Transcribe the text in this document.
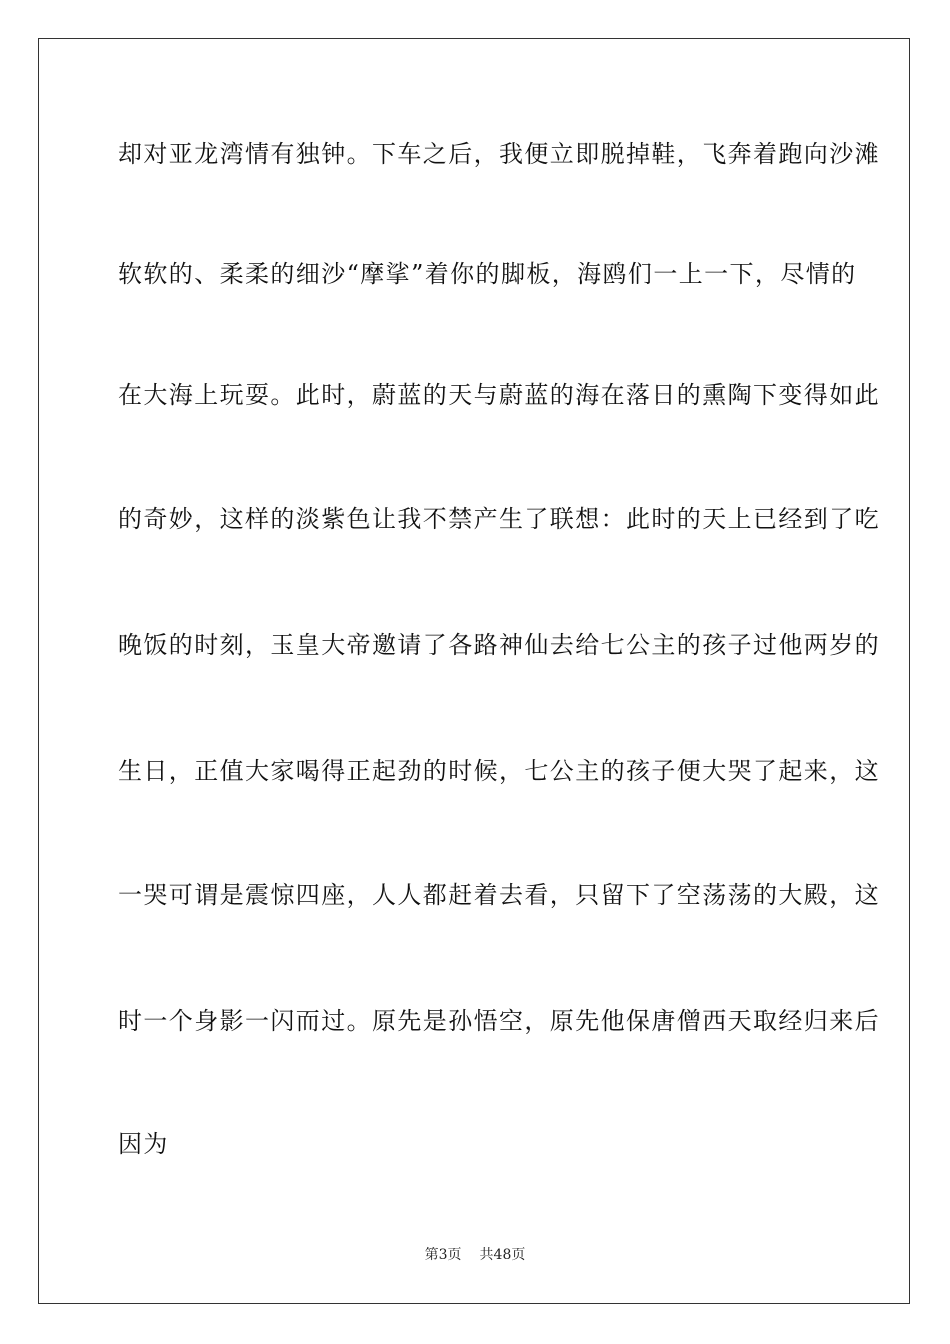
却对亚龙湾情有独钟。下车之后，我便立即脱掉鞋，飞奔着跑向沙滩
软软的、柔柔的细沙“摩挲”着你的脚板，海鸥们一上一下，尽情的
在大海上玩耍。此时，蔚蓝的天与蔚蓝的海在落日的熏陶下变得如此
的奇妙，这样的淡紫色让我不禁产生了联想：此时的天上已经到了吃
晚饭的时刻，玉皇大帝邀请了各路神仙去给七公主的孩子过他两岁的
生日，正值大家喝得正起劲的时候，七公主的孩子便大哭了起来，这
一哭可谓是震惊四座，人人都赶着去看，只留下了空荡荡的大殿，这
时一个身影一闪而过。原先是孙悟空，原先他保唐僧西天取经归来后
因为
第3页 共48页
